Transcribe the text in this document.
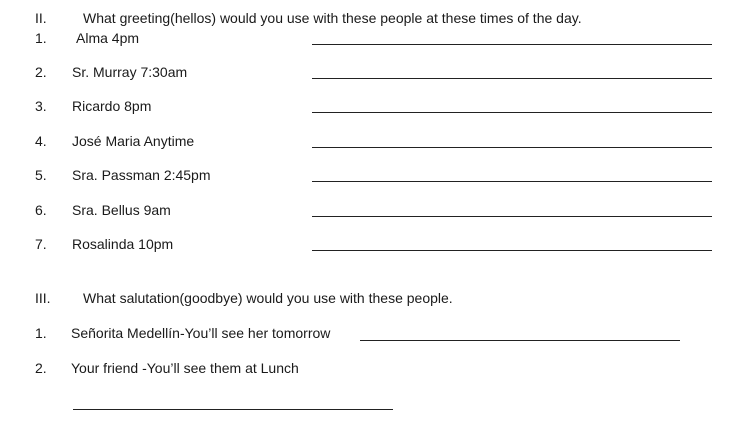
II.	What greeting(hellos) would you use with these people at these times of the day.
1. Alma 4pm
2. Sr. Murray 7:30am
3. Ricardo 8pm
4. José Maria Anytime
5. Sra. Passman 2:45pm
6. Sra. Bellus 9am
7. Rosalinda 10pm
III. What salutation(goodbye) would you use with these people.
1. Señorita Medellín-You’ll see her tomorrow
2. Your friend -You’ll see them at Lunch
